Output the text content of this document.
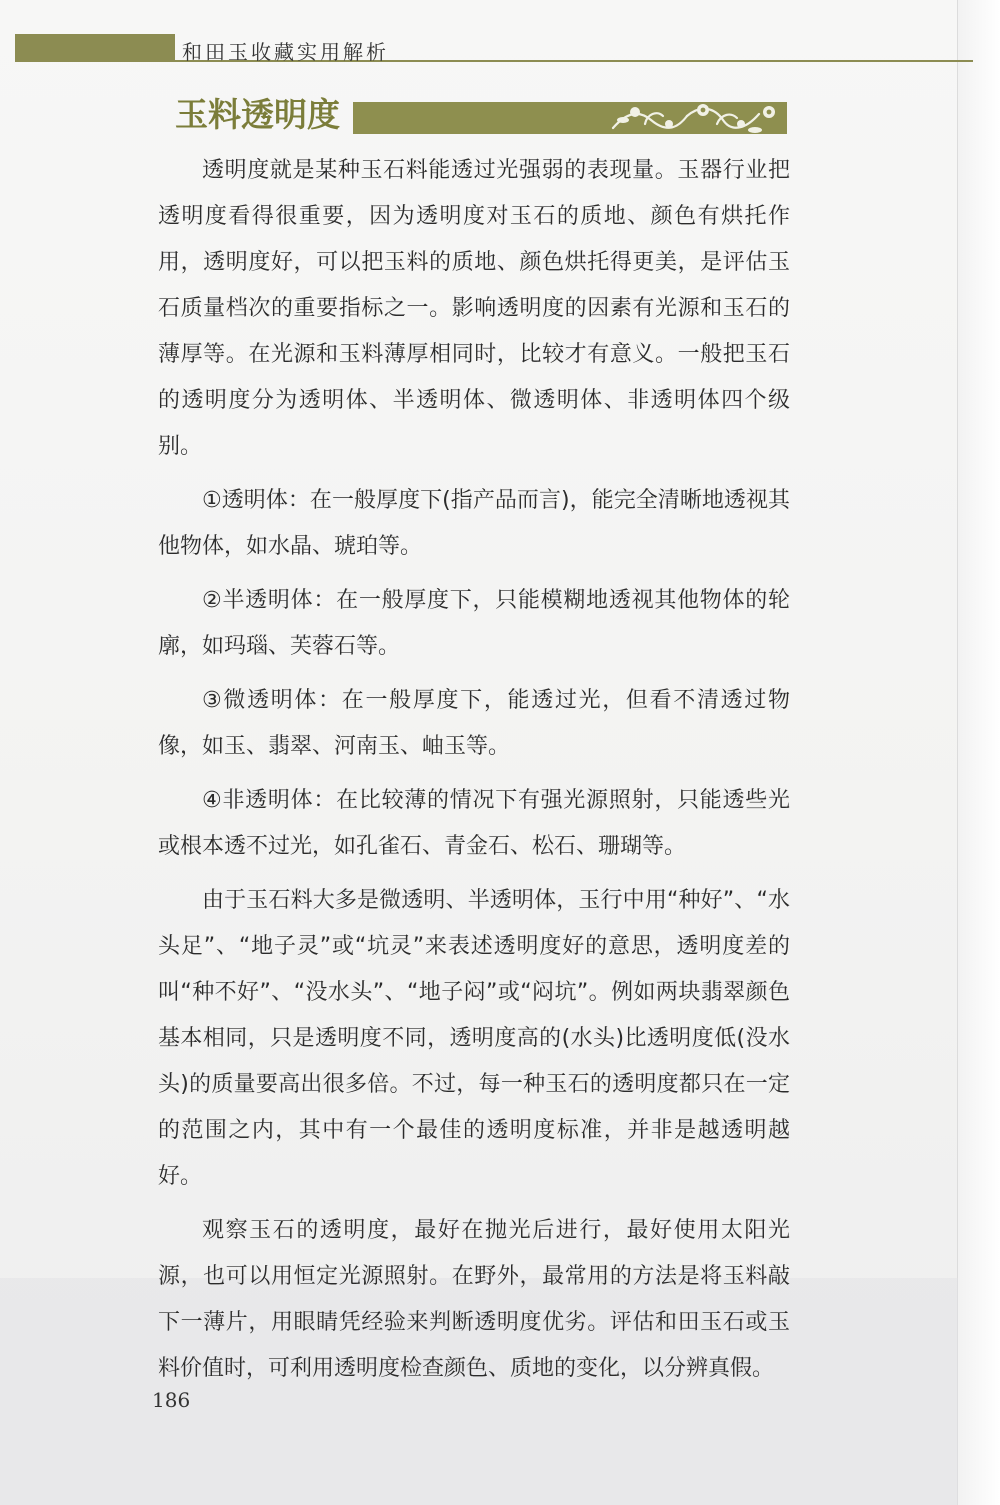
和田玉收藏实用解析
玉料透明度

透明度就是某种玉石料能透过光强弱的表现量。玉器行业把透明度看得很重要，因为透明度对玉石的质地、颜色有烘托作用，透明度好，可以把玉料的质地、颜色烘托得更美，是评估玉石质量档次的重要指标之一。影响透明度的因素有光源和玉石的薄厚等。在光源和玉料薄厚相同时，比较才有意义。一般把玉石的透明度分为透明体、半透明体、微透明体、非透明体四个级别。

①透明体：在一般厚度下(指产品而言)，能完全清晰地透视其他物体，如水晶、琥珀等。

②半透明体：在一般厚度下，只能模糊地透视其他物体的轮廓，如玛瑙、芙蓉石等。

③微透明体：在一般厚度下，能透过光，但看不清透过物像，如玉、翡翠、河南玉、岫玉等。

④非透明体：在比较薄的情况下有强光源照射，只能透些光或根本透不过光，如孔雀石、青金石、松石、珊瑚等。

由于玉石料大多是微透明、半透明体，玉行中用“种好”、“水头足”、“地子灵”或“坑灵”来表述透明度好的意思，透明度差的叫“种不好”、“没水头”、“地子闷”或“闷坑”。例如两块翡翠颜色基本相同，只是透明度不同，透明度高的(水头)比透明度低(没水头)的质量要高出很多倍。不过，每一种玉石的透明度都只在一定的范围之内，其中有一个最佳的透明度标准，并非是越透明越好。

观察玉石的透明度，最好在抛光后进行，最好使用太阳光源，也可以用恒定光源照射。在野外，最常用的方法是将玉料敲下一薄片，用眼睛凭经验来判断透明度优劣。评估和田玉石或玉料价值时，可利用透明度检查颜色、质地的变化，以分辨真假。

186
